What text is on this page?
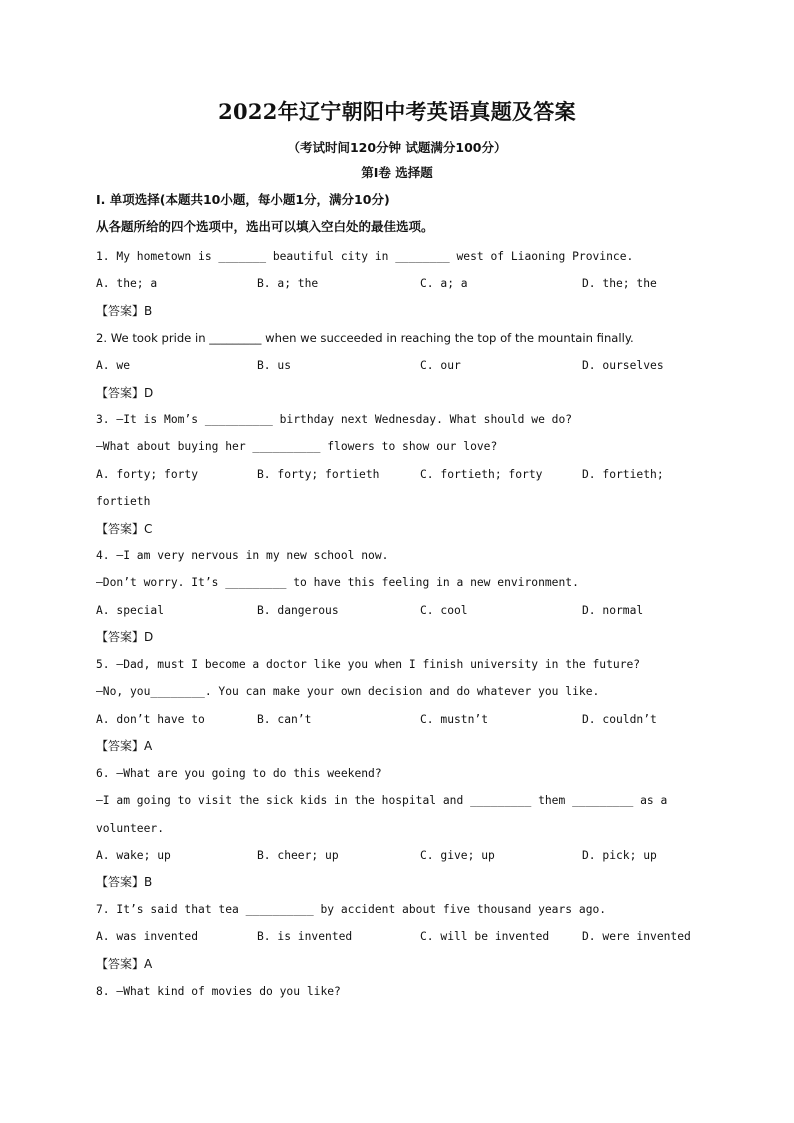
2022年辽宁朝阳中考英语真题及答案
（考试时间120分钟 试题满分100分）
第Ⅰ卷 选择题
I. 单项选择(本题共10小题，每小题1分，满分10分)
从各题所给的四个选项中，选出可以填入空白处的最佳选项。
1. My hometown is _______ beautiful city in ________ west of Liaoning Province.
A. the; a	B. a; the	C. a; a	D. the; the
【答案】B
2. We took pride in _________ when we succeeded in reaching the top of the mountain finally.
A. we	B. us	C. our	D. ourselves
【答案】D
3. —It is Mom’s __________ birthday next Wednesday. What should we do?
—What about buying her __________ flowers to show our love?
A. forty; forty	B. forty; fortieth	C. fortieth; forty	D. fortieth;
fortieth
【答案】C
4. —I am very nervous in my new school now.
—Don’t worry. It’s _________ to have this feeling in a new environment.
A. special	B. dangerous	C. cool	D. normal
【答案】D
5. —Dad, must I become a doctor like you when I finish university in the future?
—No, you________. You can make your own decision and do whatever you like.
A. don’t have to	B. can’t	C. mustn’t	D. couldn’t
【答案】A
6. —What are you going to do this weekend?
—I am going to visit the sick kids in the hospital and _________ them _________ as a
volunteer.
A. wake; up	B. cheer; up	C. give; up	D. pick; up
【答案】B
7. It’s said that tea __________ by accident about five thousand years ago.
A. was invented	B. is invented	C. will be invented	D. were invented
【答案】A
8. —What kind of movies do you like?
